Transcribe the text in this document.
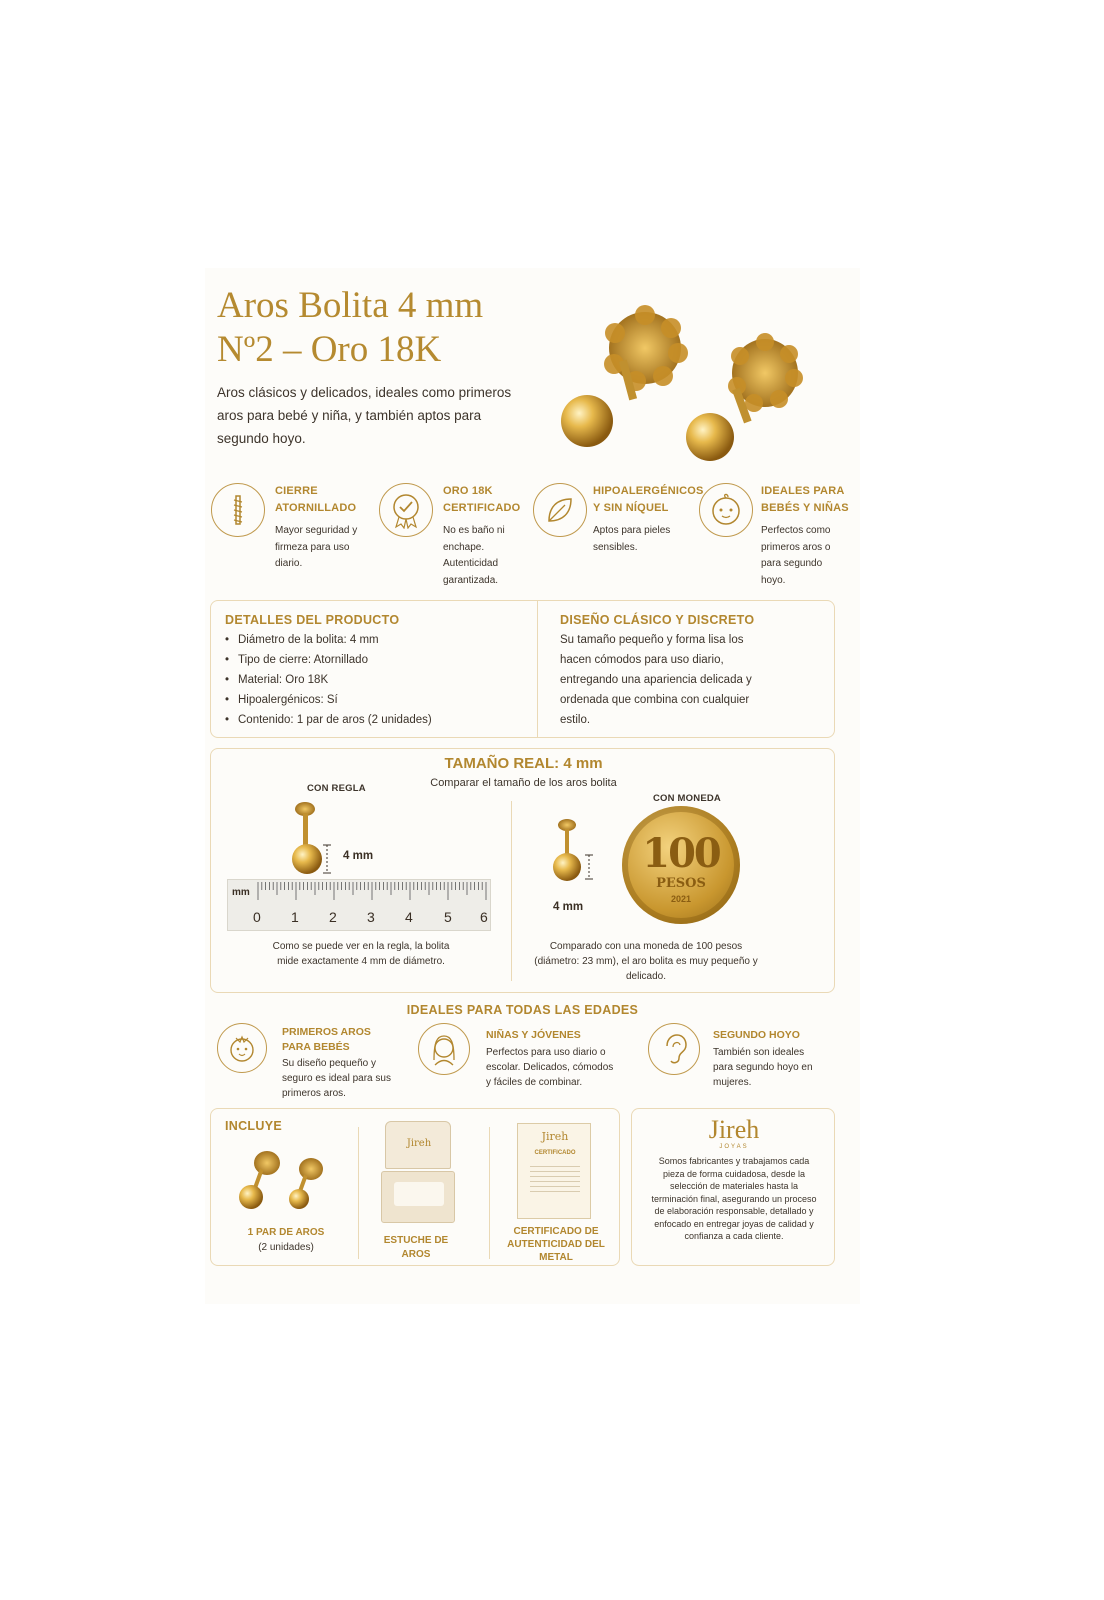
Aros Bolita 4 mm
Nº2 – Oro 18K
Aros clásicos y delicados, ideales como primeros aros para bebé y niña, y también aptos para segundo hoyo.
CIERRE ATORNILLADO
Mayor seguridad y firmeza para uso diario.
ORO 18K CERTIFICADO
No es baño ni enchape. Autenticidad garantizada.
HIPOALERGÉNICOS Y SIN NÍQUEL
Aptos para pieles sensibles.
IDEALES PARA BEBÉS Y NIÑAS
Perfectos como primeros aros o para segundo hoyo.
DETALLES DEL PRODUCTO
• Diámetro de la bolita: 4 mm
• Tipo de cierre: Atornillado
• Material: Oro 18K
• Hipoalergénicos: Sí
• Contenido: 1 par de aros (2 unidades)
DISEÑO CLÁSICO Y DISCRETO
Su tamaño pequeño y forma lisa los hacen cómodos para uso diario, entregando una apariencia delicada y ordenada que combina con cualquier estilo.
TAMAÑO REAL: 4 mm
Comparar el tamaño de los aros bolita
CON REGLA
4 mm
mm
0 1 2 3 4 5 6
Como se puede ver en la regla, la bolita mide exactamente 4 mm de diámetro.
CON MONEDA
4 mm
100
PESOS
2021
Comparado con una moneda de 100 pesos (diámetro: 23 mm), el aro bolita es muy pequeño y delicado.
IDEALES PARA TODAS LAS EDADES
PRIMEROS AROS PARA BEBÉS
Su diseño pequeño y seguro es ideal para sus primeros aros.
NIÑAS Y JÓVENES
Perfectos para uso diario o escolar. Delicados, cómodos y fáciles de combinar.
SEGUNDO HOYO
También son ideales para segundo hoyo en mujeres.
INCLUYE
1 PAR DE AROS
(2 unidades)
Jireh
ESTUCHE DE AROS
Jireh
CERTIFICADO
CERTIFICADO DE AUTENTICIDAD DEL METAL
Jireh
JOYAS
Somos fabricantes y trabajamos cada pieza de forma cuidadosa, desde la selección de materiales hasta la terminación final, asegurando un proceso de elaboración responsable, detallado y enfocado en entregar joyas de calidad y confianza a cada cliente.
